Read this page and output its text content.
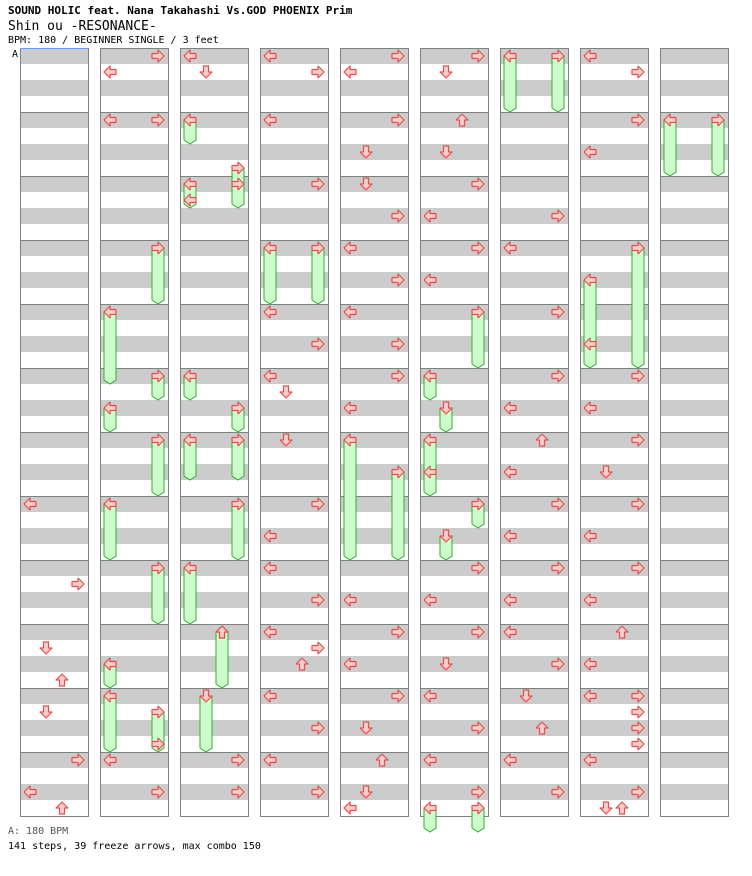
SOUND HOLIC feat. Nana Takahashi Vs.GOD PHOENIX Prim
Shin ou -RESONANCE-
BPM: 180 / BEGINNER SINGLE / 3 feet
A
A: 180 BPM
141 steps, 39 freeze arrows, max combo 150
